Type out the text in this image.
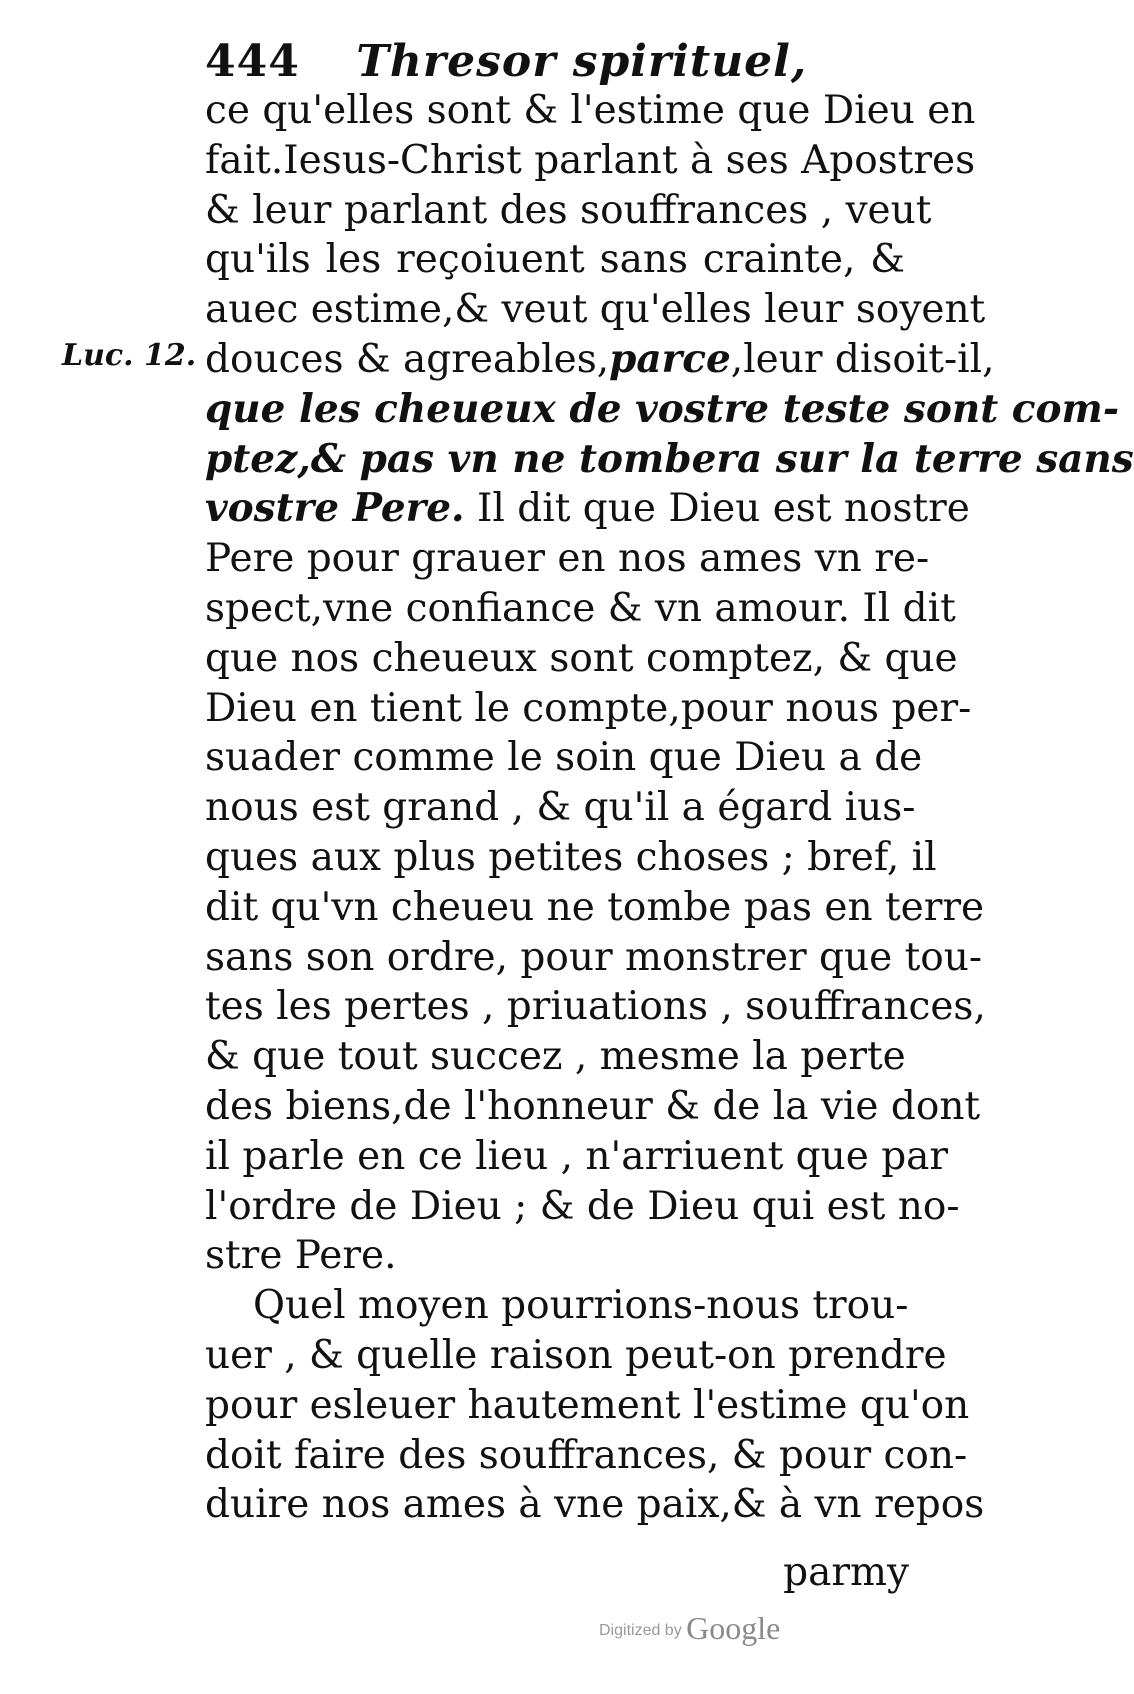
444 Thresor spirituel,
Luc. 12.
ce qu'elles sont & l'estime que Dieu en
fait.Iesus-Christ parlant à ses Apostres
& leur parlant des souffrances , veut
qu'ils les reçoiuent sans crainte, &
auec estime,& veut qu'elles leur soyent
douces & agreables,parce,leur disoit-il,
que les cheueux de vostre teste sont com-
ptez,& pas vn ne tombera sur la terre sans
vostre Pere. Il dit que Dieu est nostre
Pere pour grauer en nos ames vn re-
spect,vne confiance & vn amour. Il dit
que nos cheueux sont comptez, & que
Dieu en tient le compte,pour nous per-
suader comme le soin que Dieu a de
nous est grand , & qu'il a égard ius-
ques aux plus petites choses ; bref, il
dit qu'vn cheueu ne tombe pas en terre
sans son ordre, pour monstrer que tou-
tes les pertes , priuations , souffrances,
& que tout succez , mesme la perte
des biens,de l'honneur & de la vie dont
il parle en ce lieu , n'arriuent que par
l'ordre de Dieu ; & de Dieu qui est no-
stre Pere.
Quel moyen pourrions-nous trou-
uer , & quelle raison peut-on prendre
pour esleuer hautement l'estime qu'on
doit faire des souffrances, & pour con-
duire nos ames à vne paix,& à vn repos
parmy
Digitized by Google
